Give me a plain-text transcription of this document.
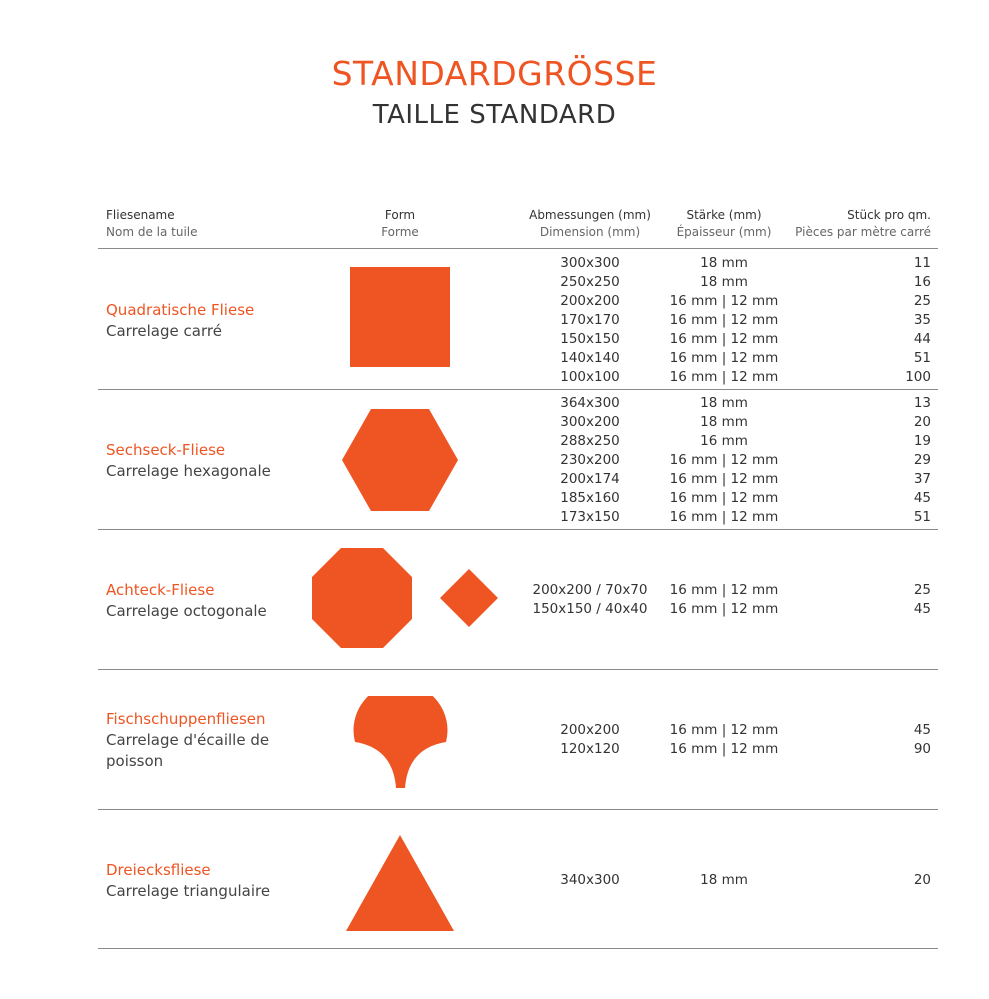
STANDARDGRÖSSE
TAILLE STANDARD
Fliesename
Nom de la tuile
Form
Forme
Abmessungen (mm)
Dimension (mm)
Stärke (mm)
Épaisseur (mm)
Stück pro qm.
Pièces par mètre carré
Quadratische Fliese
Carrelage carré
300x300
250x250
200x200
170x170
150x150
140x140
100x100
18 mm
18 mm
16 mm | 12 mm
16 mm | 12 mm
16 mm | 12 mm
16 mm | 12 mm
16 mm | 12 mm
11
16
25
35
44
51
100
Sechseck-Fliese
Carrelage hexagonale
364x300
300x200
288x250
230x200
200x174
185x160
173x150
18 mm
18 mm
16 mm
16 mm | 12 mm
16 mm | 12 mm
16 mm | 12 mm
16 mm | 12 mm
13
20
19
29
37
45
51
Achteck-Fliese
Carrelage octogonale
200x200 / 70x70
150x150 / 40x40
16 mm | 12 mm
16 mm | 12 mm
25
45
Fischschuppenfliesen
Carrelage d'écaille de poisson
200x200
120x120
16 mm | 12 mm
16 mm | 12 mm
45
90
Dreiecksfliese
Carrelage triangulaire
340x300	18 mm	20
